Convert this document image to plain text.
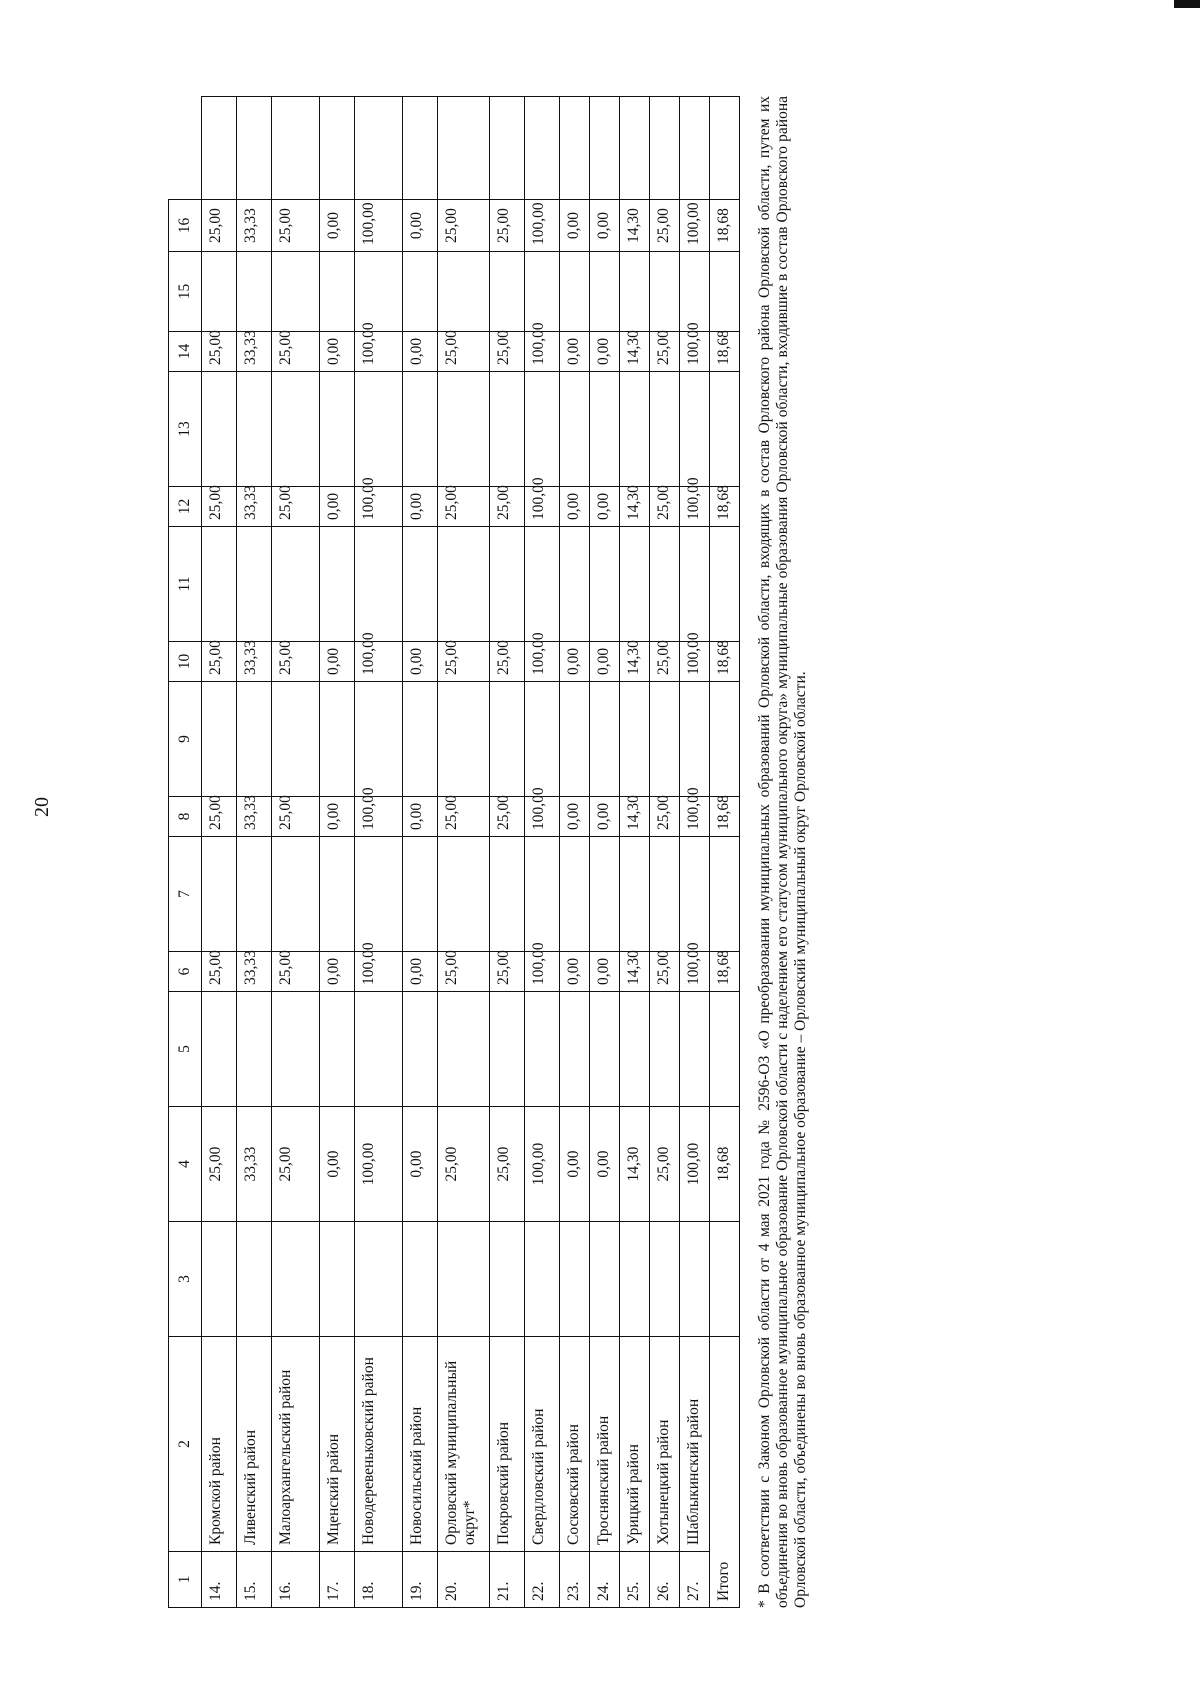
20
1	2	3	4	5	6	7	8	9	10	11	12	13	14	15	16	
14.	Кромской район		25,00		25,00		25,00		25,00		25,00		25,00		25,00	
15.	Ливенский район		33,33		33,33		33,33		33,33		33,33		33,33		33,33	
16.	Малоархангельский район		25,00		25,00		25,00		25,00		25,00		25,00		25,00	
17.	Мценский район		0,00		0,00		0,00		0,00		0,00		0,00		0,00	
18.	Новодеревеньковский район		100,00		100,00		100,00		100,00		100,00		100,00		100,00	
19.	Новосильский район		0,00		0,00		0,00		0,00		0,00		0,00		0,00	
20.	Орловский муниципальный округ*		25,00		25,00		25,00		25,00		25,00		25,00		25,00	
21.	Покровский район		25,00		25,00		25,00		25,00		25,00		25,00		25,00	
22.	Свердловский район		100,00		100,00		100,00		100,00		100,00		100,00		100,00	
23.	Сосковский район		0,00		0,00		0,00		0,00		0,00		0,00		0,00	
24.	Троснянский район		0,00		0,00		0,00		0,00		0,00		0,00		0,00	
25.	Урицкий район		14,30		14,30		14,30		14,30		14,30		14,30		14,30	
26.	Хотынецкий район		25,00		25,00		25,00		25,00		25,00		25,00		25,00	
27.	Шаблыкинский район		100,00		100,00		100,00		100,00		100,00		100,00		100,00	
Итого			18,68		18,68		18,68		18,68		18,68		18,68		18,68	* В соответствии с Законом Орловской области от 4 мая 2021 года № 2596-ОЗ «О преобразовании муниципальных образований Орловской области, входящих в состав Орловского района Орловской области, путем их объединения во вновь образованное муниципальное образование Орловской области с наделением его статусом муниципального округа» муниципальные образования Орловской области, входившие в состав Орловского района Орловской области, объединены во вновь образованное муниципальное образование – Орловский муниципальный округ Орловской области.
